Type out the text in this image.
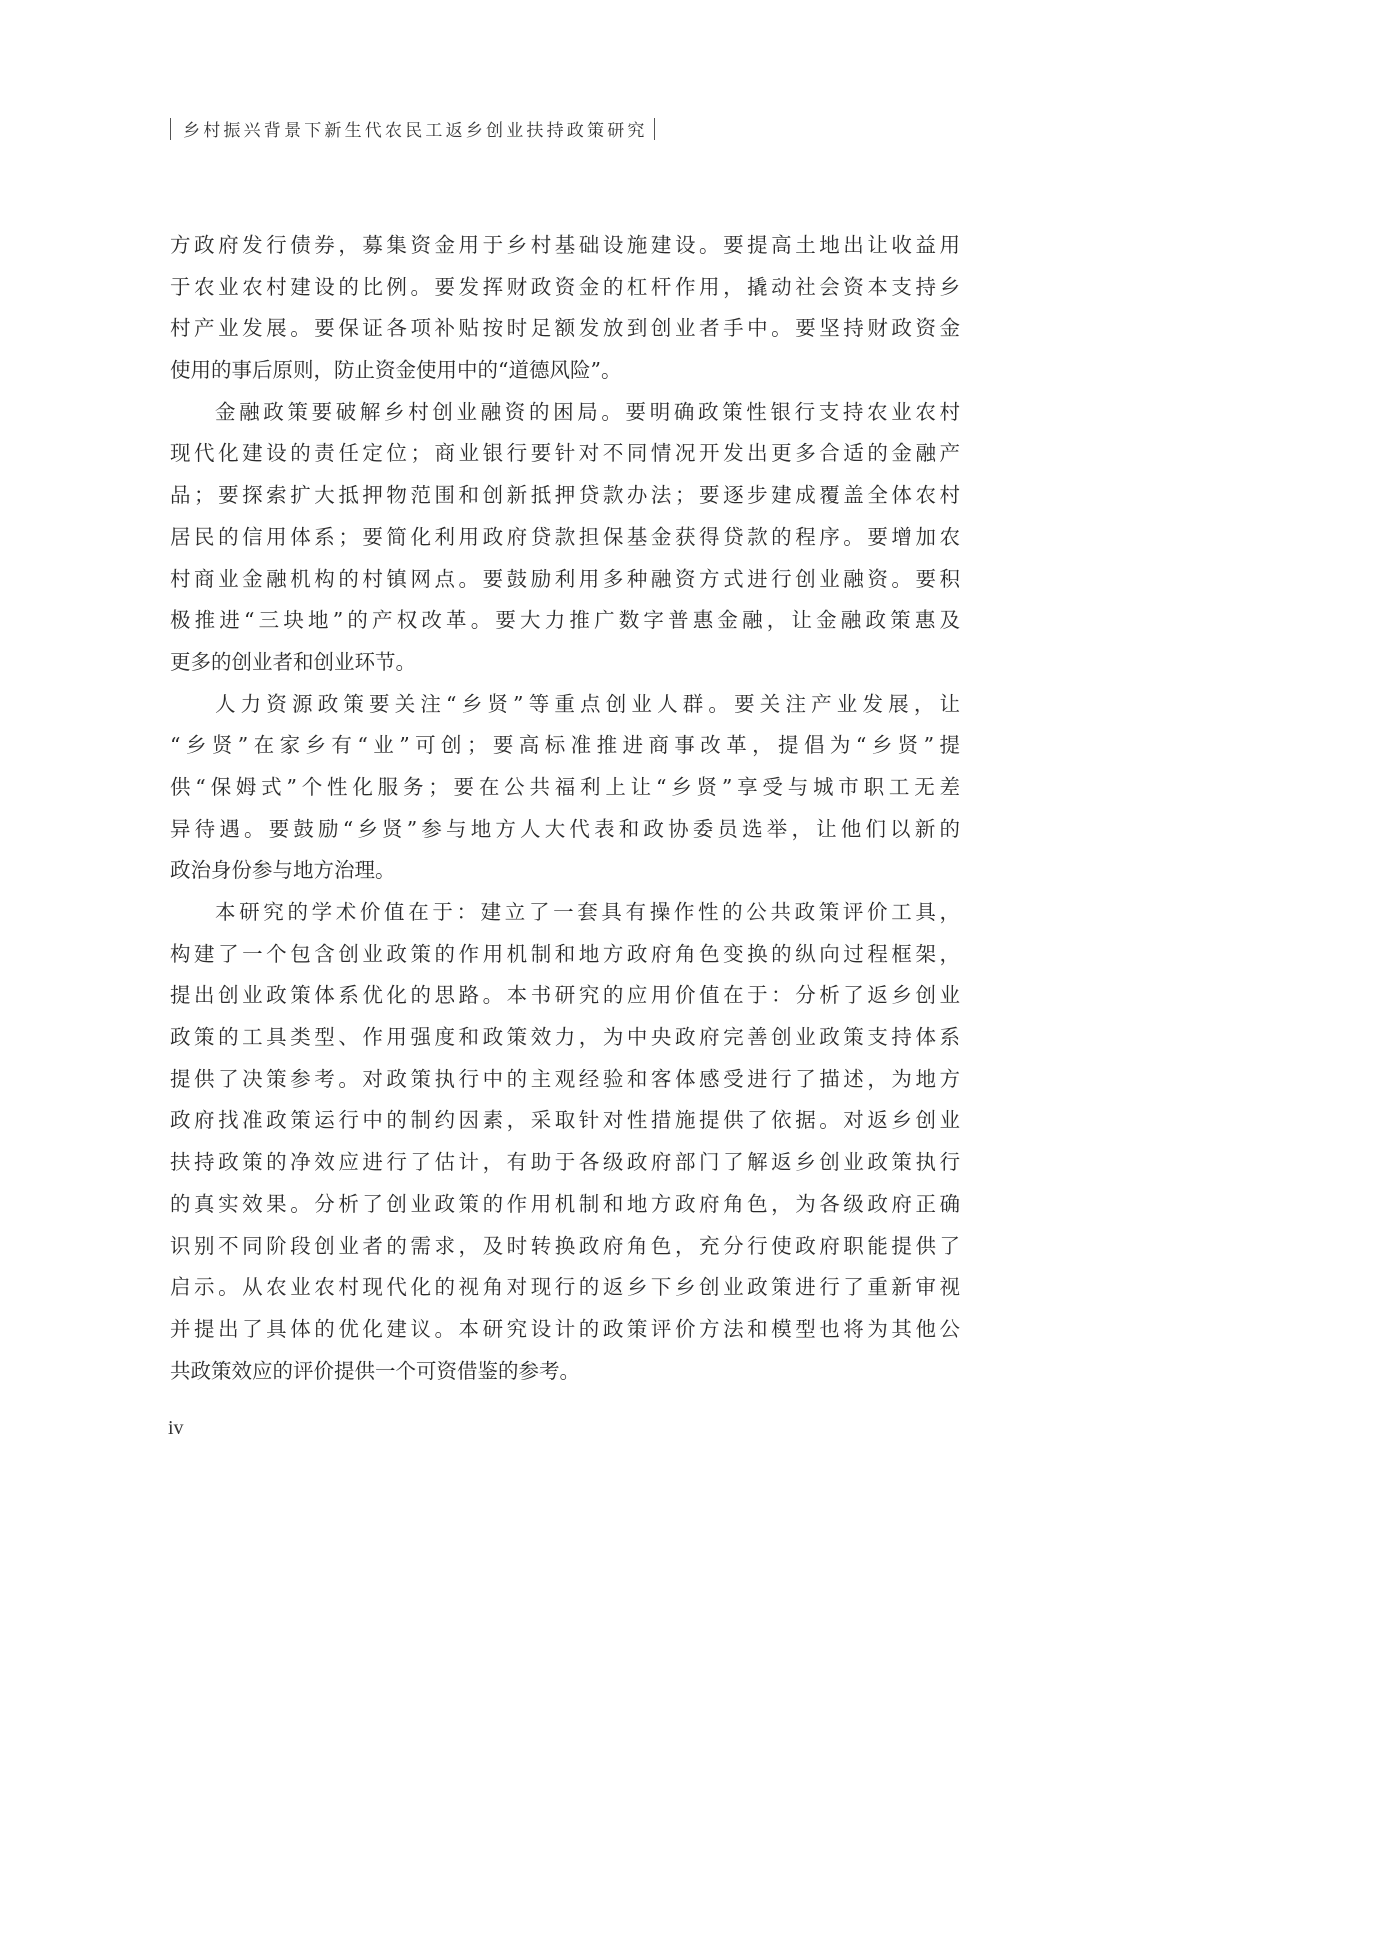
乡村振兴背景下新生代农民工返乡创业扶持政策研究
方政府发行债券，募集资金用于乡村基础设施建设。要提高土地出让收益用
于农业农村建设的比例。要发挥财政资金的杠杆作用，撬动社会资本支持乡
村产业发展。要保证各项补贴按时足额发放到创业者手中。要坚持财政资金
使用的事后原则，防止资金使用中的“道德风险”。
金融政策要破解乡村创业融资的困局。要明确政策性银行支持农业农村
现代化建设的责任定位；商业银行要针对不同情况开发出更多合适的金融产
品；要探索扩大抵押物范围和创新抵押贷款办法；要逐步建成覆盖全体农村
居民的信用体系；要简化利用政府贷款担保基金获得贷款的程序。要增加农
村商业金融机构的村镇网点。要鼓励利用多种融资方式进行创业融资。要积
极推进“三块地”的产权改革。要大力推广数字普惠金融，让金融政策惠及
更多的创业者和创业环节。
人力资源政策要关注“乡贤”等重点创业人群。要关注产业发展，让
“乡贤”在家乡有“业”可创；要高标准推进商事改革，提倡为“乡贤”提
供“保姆式”个性化服务；要在公共福利上让“乡贤”享受与城市职工无差
异待遇。要鼓励“乡贤”参与地方人大代表和政协委员选举，让他们以新的
政治身份参与地方治理。
本研究的学术价值在于：建立了一套具有操作性的公共政策评价工具，
构建了一个包含创业政策的作用机制和地方政府角色变换的纵向过程框架，
提出创业政策体系优化的思路。本书研究的应用价值在于：分析了返乡创业
政策的工具类型、作用强度和政策效力，为中央政府完善创业政策支持体系
提供了决策参考。对政策执行中的主观经验和客体感受进行了描述，为地方
政府找准政策运行中的制约因素，采取针对性措施提供了依据。对返乡创业
扶持政策的净效应进行了估计，有助于各级政府部门了解返乡创业政策执行
的真实效果。分析了创业政策的作用机制和地方政府角色，为各级政府正确
识别不同阶段创业者的需求，及时转换政府角色，充分行使政府职能提供了
启示。从农业农村现代化的视角对现行的返乡下乡创业政策进行了重新审视
并提出了具体的优化建议。本研究设计的政策评价方法和模型也将为其他公
共政策效应的评价提供一个可资借鉴的参考。
iv
